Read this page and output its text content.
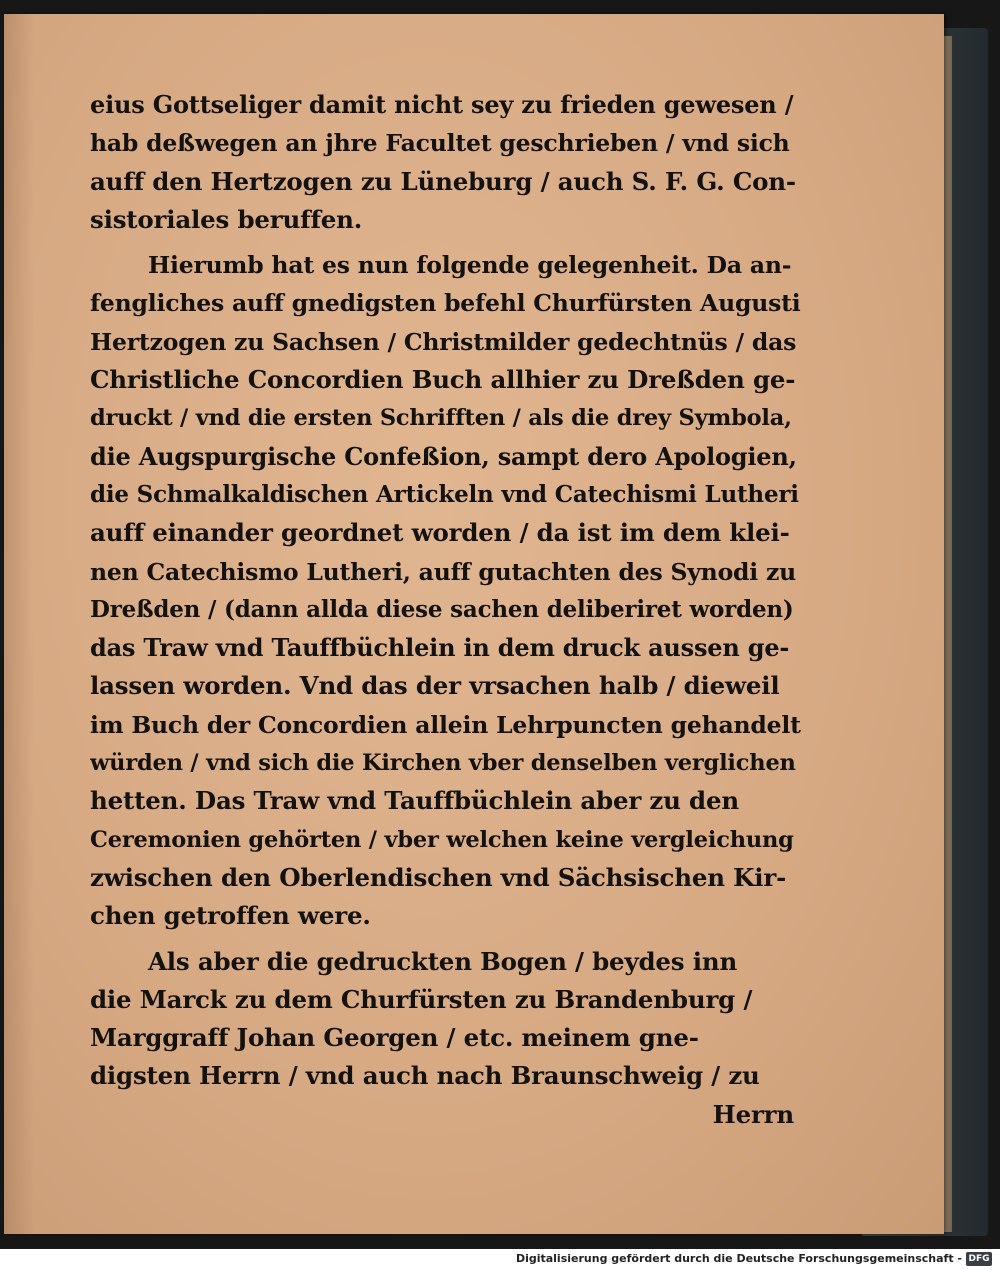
eius Gottseliger damit nicht sey zu frieden gewesen /
hab deßwegen an jhre Facultet geschrieben / vnd sich
auff den Hertzogen zu Lüneburg / auch S. F. G. Con-
sistoriales beruffen.
Hierumb hat es nun folgende gelegenheit. Da an-
fengliches auff gnedigsten befehl Churfürsten Augusti
Hertzogen zu Sachsen / Christmilder gedechtnüs / das
Christliche Concordien Buch allhier zu Dreßden ge-
druckt / vnd die ersten Schrifften / als die drey Symbola,
die Augspurgische Confeßion, sampt dero Apologien,
die Schmalkaldischen Artickeln vnd Catechismi Lutheri
auff einander geordnet worden / da ist im dem klei-
nen Catechismo Lutheri, auff gutachten des Synodi zu
Dreßden / (dann allda diese sachen deliberiret worden)
das Traw vnd Tauffbüchlein in dem druck aussen ge-
lassen worden. Vnd das der vrsachen halb / dieweil
im Buch der Concordien allein Lehrpuncten gehandelt
würden / vnd sich die Kirchen vber denselben verglichen
hetten. Das Traw vnd Tauffbüchlein aber zu den
Ceremonien gehörten / vber welchen keine vergleichung
zwischen den Oberlendischen vnd Sächsischen Kir-
chen getroffen were.
Als aber die gedruckten Bogen / beydes inn
die Marck zu dem Churfürsten zu Brandenburg /
Marggraff Johan Georgen / etc. meinem gne-
digsten Herrn / vnd auch nach Braunschweig / zu
Herrn
Digitalisierung gefördert durch die Deutsche Forschungsgemeinschaft - DFG
